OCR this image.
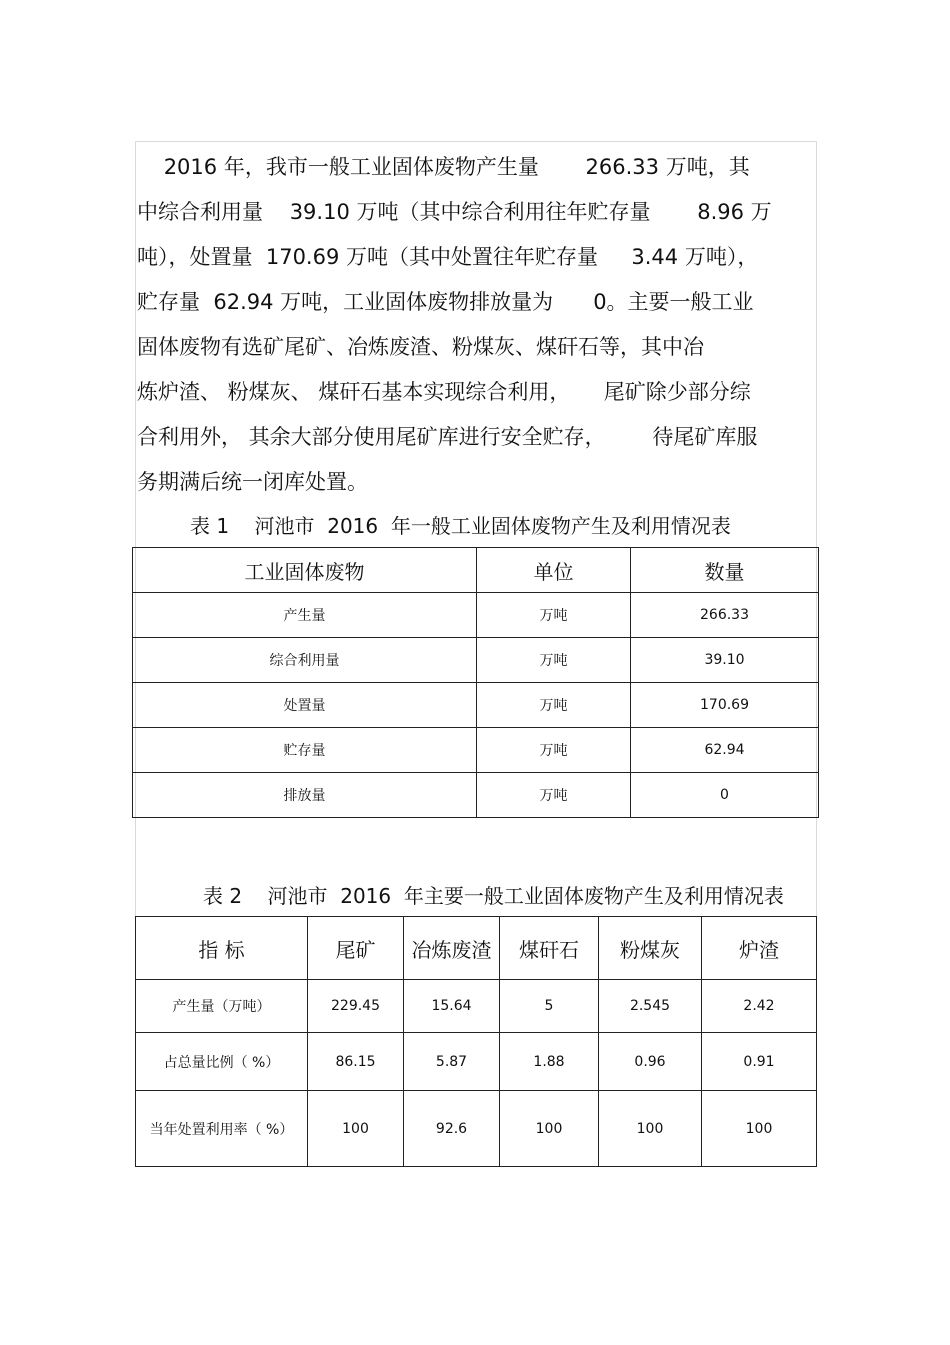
2016 年，我市一般工业固体废物产生量       266.33 万吨，其
中综合利用量    39.10 万吨（其中综合利用往年贮存量       8.96 万
吨），处置量  170.69 万吨（其中处置往年贮存量     3.44 万吨），
贮存量  62.94 万吨，工业固体废物排放量为      0。主要一般工业
固体废物有选矿尾矿、冶炼废渣、粉煤灰、煤矸石等，其中冶
炼炉渣、 粉煤灰、 煤矸石基本实现综合利用，     尾矿除少部分综
合利用外， 其余大部分使用尾矿库进行安全贮存，       待尾矿库服
务期满后统一闭库处置。
表 1    河池市  2016  年一般工业固体废物产生及利用情况表
工业固体废物	单位	数量
产生量	万吨	266.33
综合利用量	万吨	39.10
处置量	万吨	170.69
贮存量	万吨	62.94
排放量	万吨	0
表 2    河池市  2016  年主要一般工业固体废物产生及利用情况表
指 标	尾矿	冶炼废渣	煤矸石	粉煤灰	炉渣
产生量（万吨）	229.45	15.64	5	2.545	2.42
占总量比例（ %）	86.15	5.87	1.88	0.96	0.91
当年处置利用率（ %）	100	92.6	100	100	100
